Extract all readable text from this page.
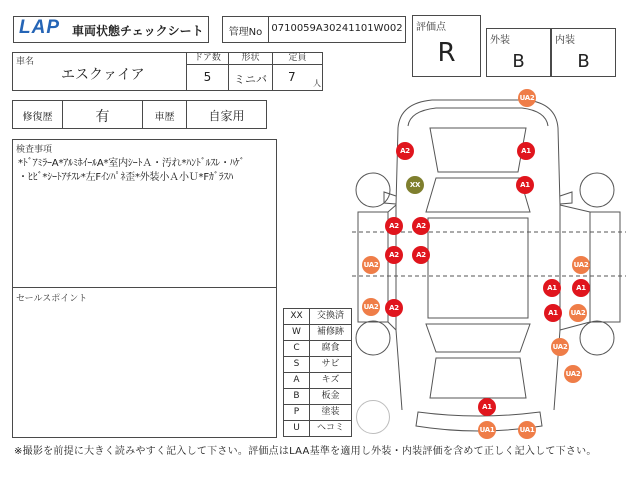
LAP 車両状態チェックシート	管理No 0710059A30241101W002 評価点
R	外装
B
内装
B
車名
エスクァイア
ドア数
5
形状
ミニバ
定員
7 人
修復歴	有	車歴	自家用
検査事項
*ﾄﾞｱﾐﾗｰA*ｱﾙﾐﾎｲｰﾙA*室内ｼｰﾄＡ・汚れ*ﾊﾝﾄﾞﾙｽﾚ・ﾊｹﾞ
・ﾋﾋﾞ*ｼｰﾄｱﾁｽﾚ*左Fｲﾝﾊﾟﾈ歪*外装小Ａ小Ｕ*Fｶﾞﾗｽﾊ
セールスポイント
XX	交換済
W	補修跡
C	腐食
S	サビ
A	キズ
B	板金
P	塗装
U	ヘコミ
UA2
A2	A1
XX	A1
A2	A2
A2	A2
UA2	UA2
A1	A1
UA2	A2
A1	UA2
UA2
UA2
A1
UA1	UA1
※撮影を前提に大きく読みやすく記入して下さい。評価点はLAA基準を適用し外装・内装評価を含めて正しく記入して下さい。
